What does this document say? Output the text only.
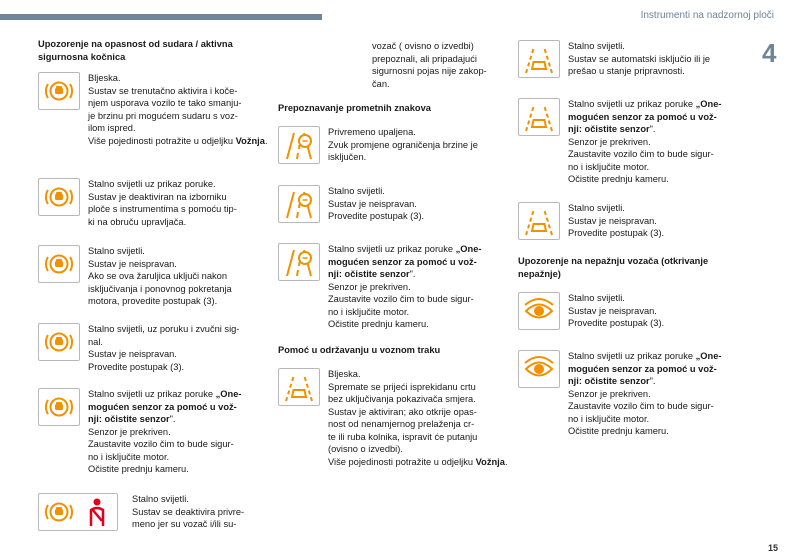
Instrumenti na nadzornoj ploči
4
15
Upozorenje na opasnost od sudara / aktivna sigurnosna kočnica
Bljeska.
Sustav se trenutačno aktivira i koče-
njem usporava vozilo te tako smanju-
je brzinu pri mogućem sudaru s voz-
ilom ispred.
Više pojedinosti potražite u odjeljku Vožnja.
Stalno svijetli uz prikaz poruke.
Sustav je deaktiviran na izborniku
ploče s instrumentima s pomoću tip-
ki na obruču upravljača.
Stalno svijetli.
Sustav je neispravan.
Ako se ova žaruljica uključi nakon
isključivanja i ponovnog pokretanja
motora, provedite postupak (3).
Stalno svijetli, uz poruku i zvučni sig-
nal.
Sustav je neispravan.
Provedite postupak (3).
Stalno svijetli uz prikaz poruke „One-
mogućen senzor za pomoć u vož-
nji: očistite senzor".
Senzor je prekriven.
Zaustavite vozilo čim to bude sigur-
no i isključite motor.
Očistite prednju kameru.
Stalno svijetli.
Sustav se deaktivira privre-
meno jer su vozač i/ili su-
vozač ( ovisno o izvedbi)
prepoznali, ali pripadajući
sigurnosni pojas nije zakop-
čan.
Prepoznavanje prometnih znakova
Privremeno upaljena.
Zvuk promjene ograničenja brzine je
isključen.
Stalno svijetli.
Sustav je neispravan.
Provedite postupak (3).
Stalno svijetli uz prikaz poruke „One-
mogućen senzor za pomoć u vož-
nji: očistite senzor".
Senzor je prekriven.
Zaustavite vozilo čim to bude sigur-
no i isključite motor.
Očistite prednju kameru.
Pomoć u održavanju u voznom traku
Bljeska.
Spremate se prijeći isprekidanu crtu
bez uključivanja pokazivača smjera.
Sustav je aktiviran; ako otkrije opas-
nost od nenamjernog prelaženja cr-
te ili ruba kolnika, ispravit će putanju
(ovisno o izvedbi).
Više pojedinosti potražite u odjeljku Vožnja.
Stalno svijetli.
Sustav se automatski isključio ili je
prešao u stanje pripravnosti.
Stalno svijetli uz prikaz poruke „One-
mogućen senzor za pomoć u vož-
nji: očistite senzor".
Senzor je prekriven.
Zaustavite vozilo čim to bude sigur-
no i isključite motor.
Očistite prednju kameru.
Stalno svijetli.
Sustav je neispravan.
Provedite postupak (3).
Upozorenje na nepažnju vozača (otkrivanje nepažnje)
Stalno svijetli.
Sustav je neispravan.
Provedite postupak (3).
Stalno svijetli uz prikaz poruke „One-
mogućen senzor za pomoć u vož-
nji: očistite senzor".
Senzor je prekriven.
Zaustavite vozilo čim to bude sigur-
no i isključite motor.
Očistite prednju kameru.
